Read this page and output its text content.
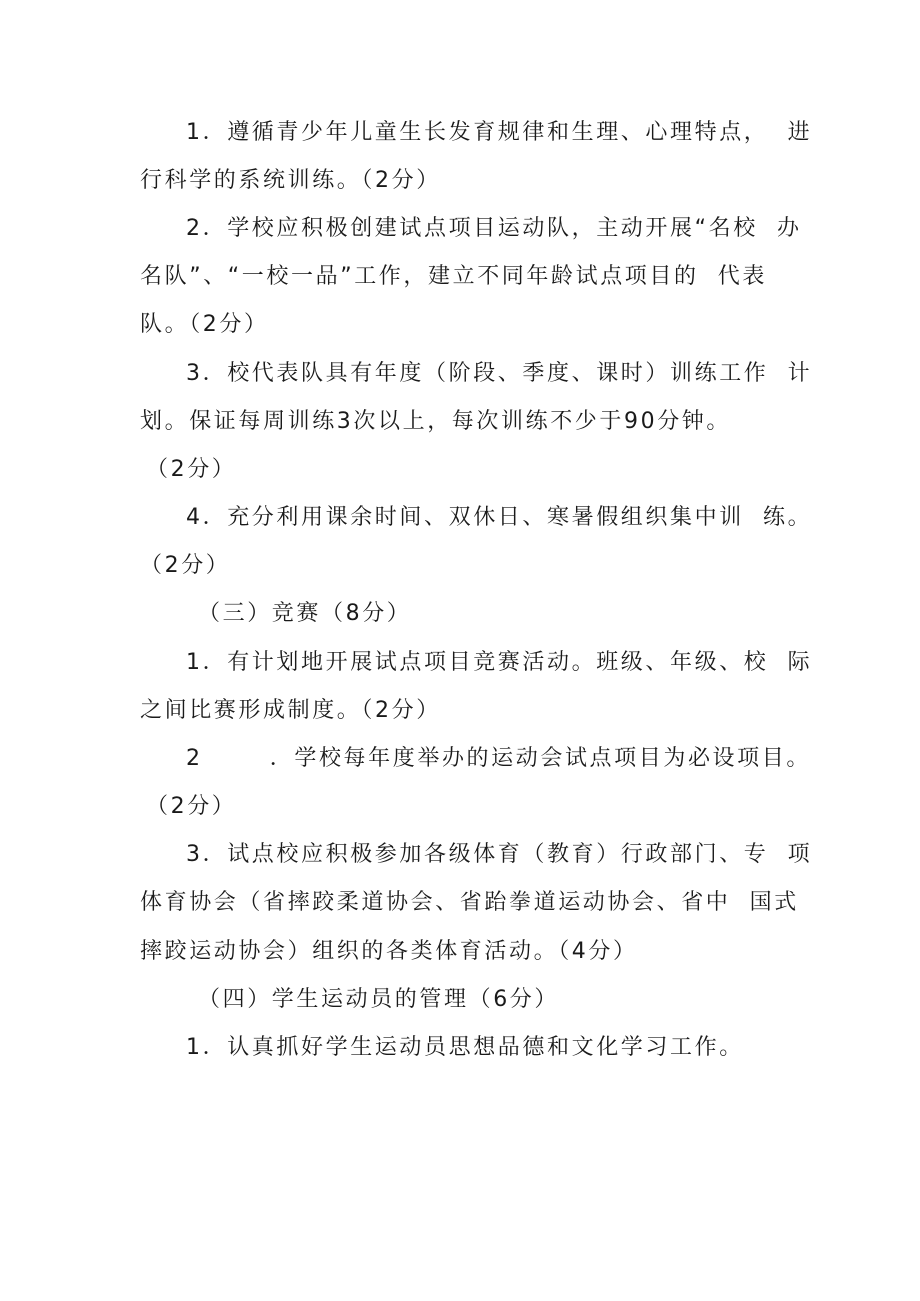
1．遵循青少年儿童生长发育规律和生理、心理特点，  进
行科学的系统训练。（2分）
2．学校应积极创建试点项目运动队，主动开展“名校  办
名队”、“一校一品”工作，建立不同年龄试点项目的  代表
队。（2分）
3．校代表队具有年度（阶段、季度、课时）训练工作  计
划。保证每周训练3次以上，每次训练不少于90分钟。
（2分）
4．充分利用课余时间、双休日、寒暑假组织集中训  练。
（2分）
（三）竞赛（8分）
1．有计划地开展试点项目竞赛活动。班级、年级、校  际
之间比赛形成制度。（2分）
2       ．学校每年度举办的运动会试点项目为必设项目。
（2分）
3．试点校应积极参加各级体育（教育）行政部门、专  项
体育协会（省摔跤柔道协会、省跆拳道运动协会、省中  国式
摔跤运动协会）组织的各类体育活动。（4分）
（四）学生运动员的管理（6分）
1．认真抓好学生运动员思想品德和文化学习工作。
